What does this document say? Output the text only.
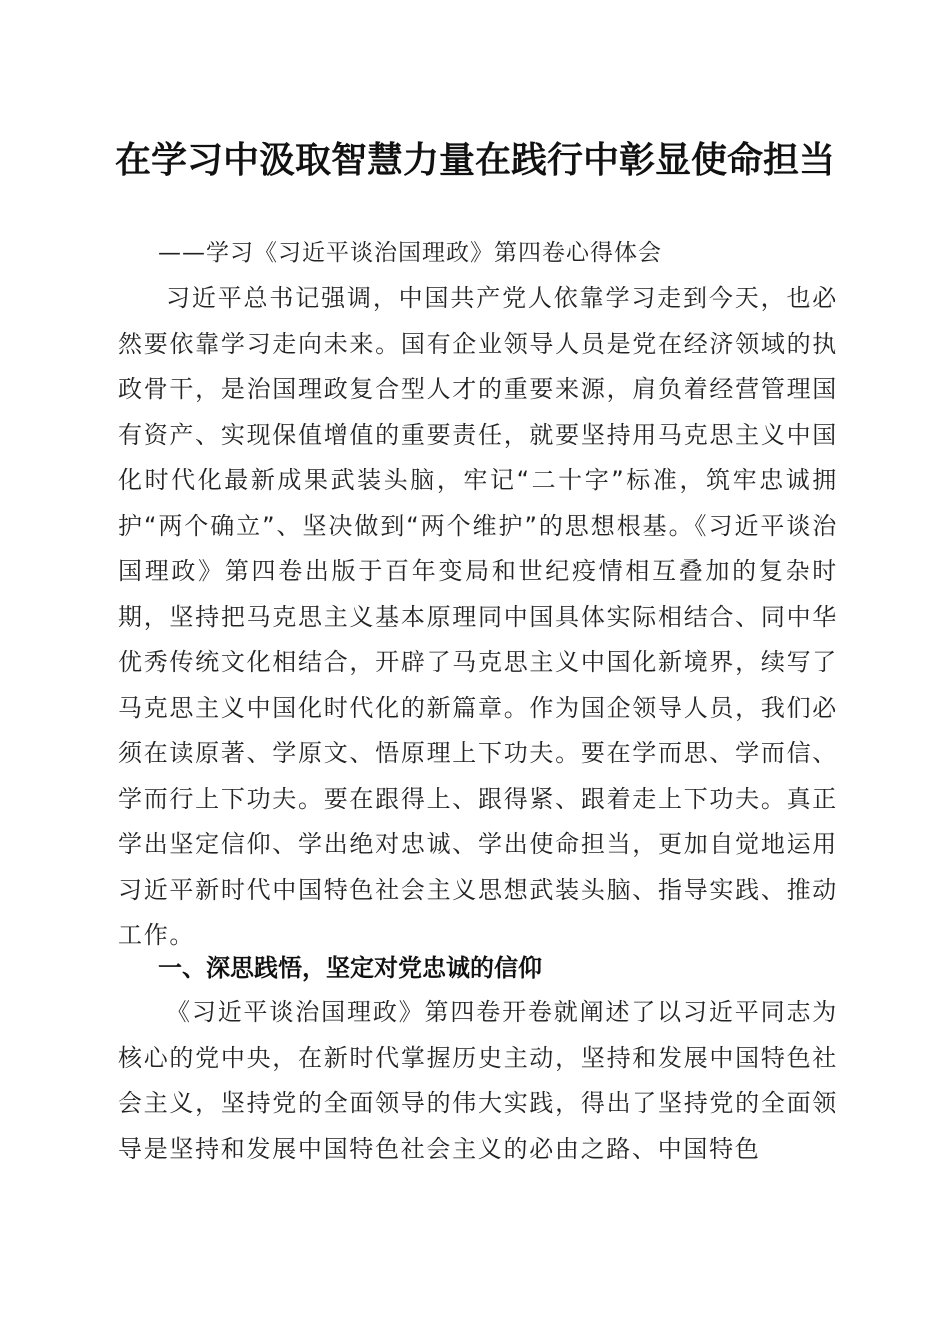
在学习中汲取智慧力量在践行中彰显使命担当
——学习《习近平谈治国理政》第四卷心得体会

习近平总书记强调，中国共产党人依靠学习走到今天，也必然要依靠学习走向未来。国有企业领导人员是党在经济领域的执政骨干，是治国理政复合型人才的重要来源，肩负着经营管理国有资产、实现保值增值的重要责任，就要坚持用马克思主义中国化时代化最新成果武装头脑，牢记“二十字”标准，筑牢忠诚拥护“两个确立”、坚决做到“两个维护”的思想根基。《习近平谈治国理政》第四卷出版于百年变局和世纪疫情相互叠加的复杂时期，坚持把马克思主义基本原理同中国具体实际相结合、同中华优秀传统文化相结合，开辟了马克思主义中国化新境界，续写了马克思主义中国化时代化的新篇章。作为国企领导人员，我们必须在读原著、学原文、悟原理上下功夫。要在学而思、学而信、学而行上下功夫。要在跟得上、跟得紧、跟着走上下功夫。真正学出坚定信仰、学出绝对忠诚、学出使命担当，更加自觉地运用习近平新时代中国特色社会主义思想武装头脑、指导实践、推动工作。

一、深思践悟，坚定对党忠诚的信仰

《习近平谈治国理政》第四卷开卷就阐述了以习近平同志为核心的党中央，在新时代掌握历史主动，坚持和发展中国特色社会主义，坚持党的全面领导的伟大实践，得出了坚持党的全面领导是坚持和发展中国特色社会主义的必由之路、中国特色
